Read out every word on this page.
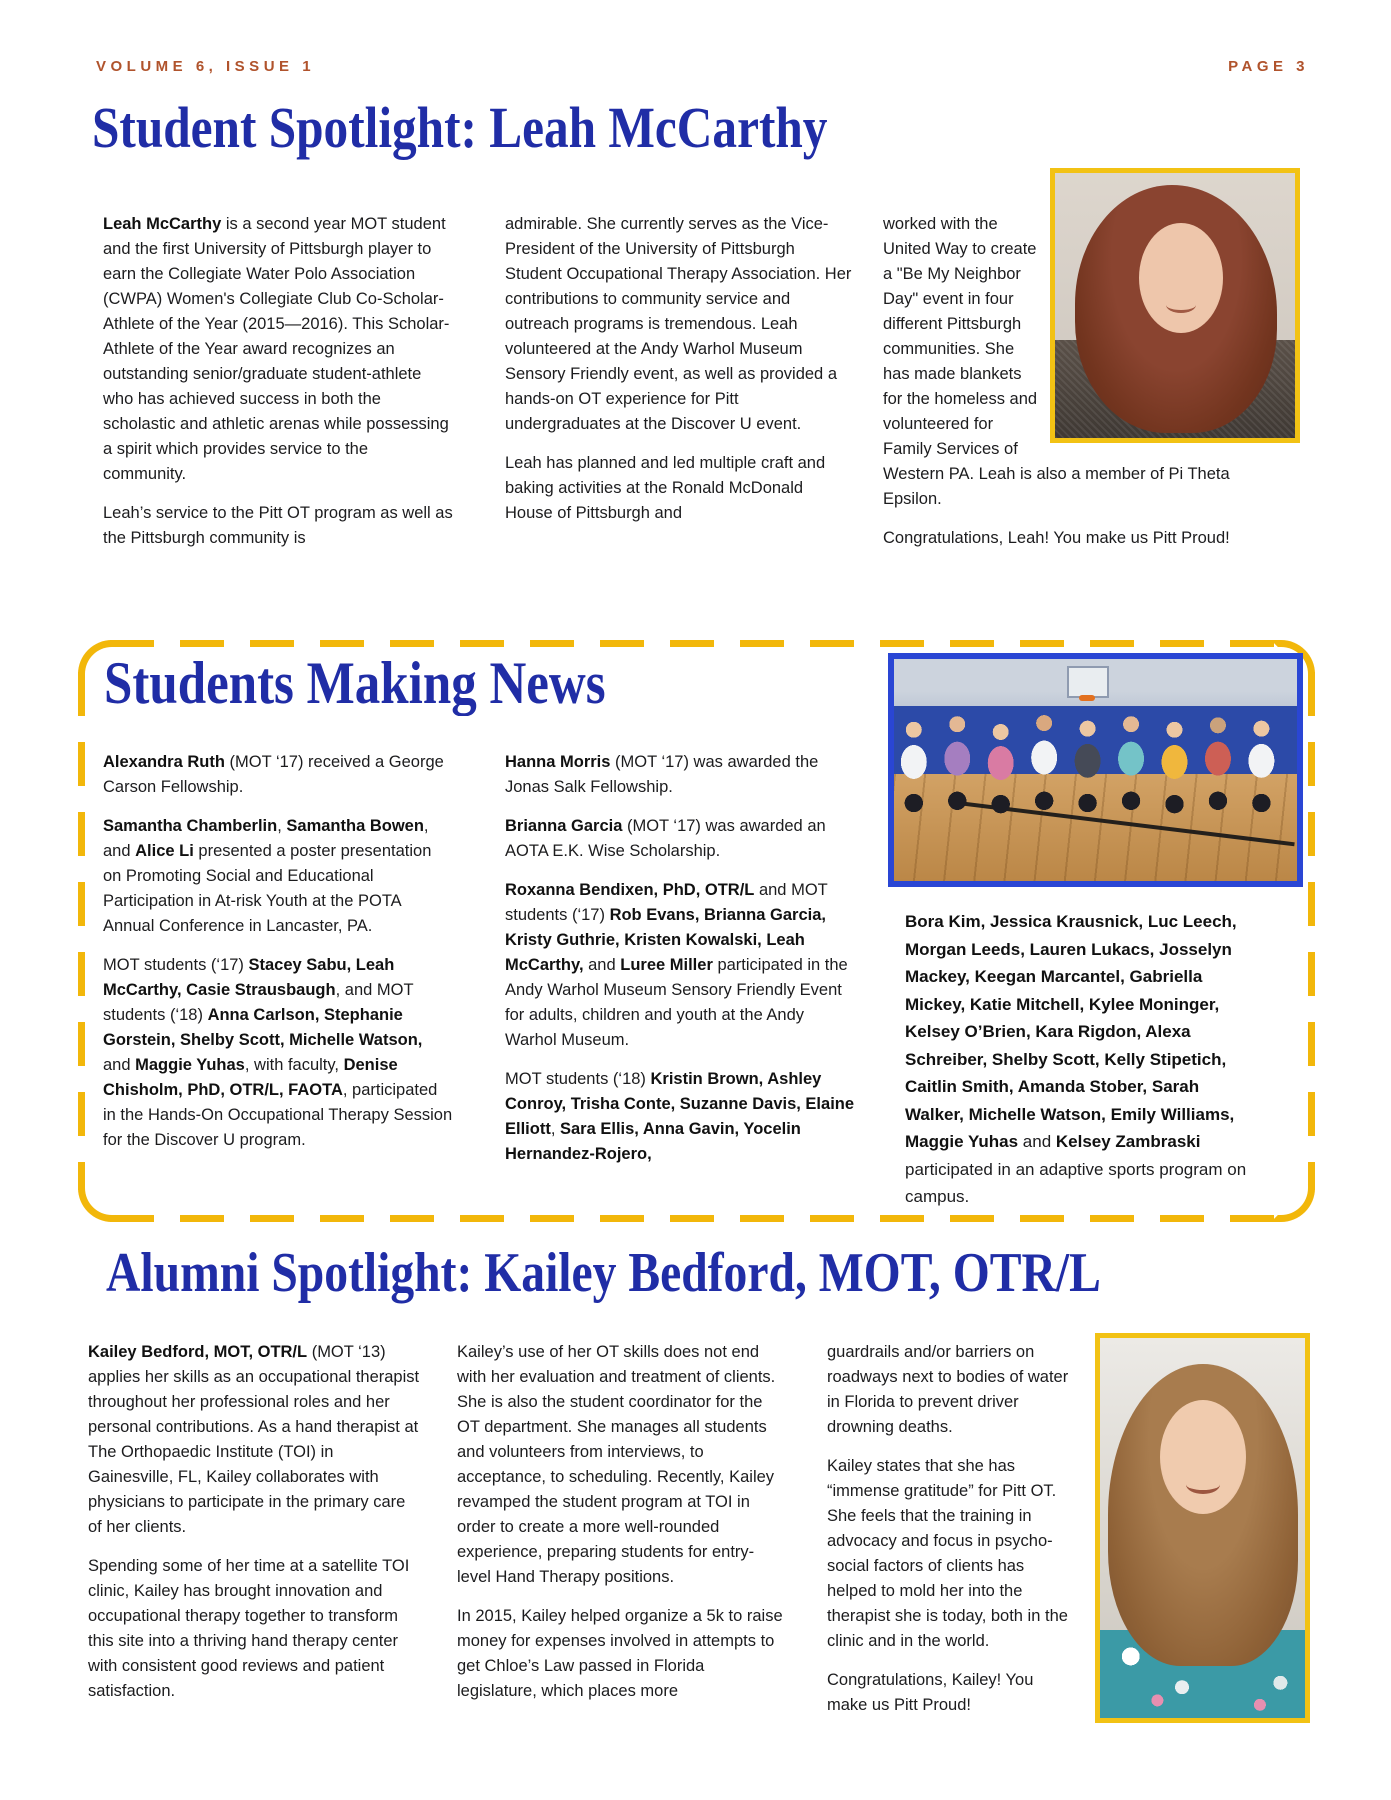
VOLUME 6, ISSUE 1	PAGE 3
Student Spotlight: Leah McCarthy

Leah McCarthy is a second year MOT student and the first University of Pittsburgh player to earn the Collegiate Water Polo Association (CWPA) Women's Collegiate Club Co-Scholar-Athlete of the Year (2015—2016). This Scholar-Athlete of the Year award recognizes an outstanding senior/graduate student-athlete who has achieved success in both the scholastic and athletic arenas while possessing a spirit which provides service to the community.

Leah’s service to the Pitt OT program as well as the Pittsburgh community is

admirable. She currently serves as the Vice-President of the University of Pittsburgh Student Occupational Therapy Association. Her contributions to community service and outreach programs is tremendous. Leah volunteered at the Andy Warhol Museum Sensory Friendly event, as well as provided a hands-on OT experience for Pitt undergraduates at the Discover U event.

Leah has planned and led multiple craft and baking activities at the Ronald McDonald House of Pittsburgh and

worked with the United Way to create a "Be My Neighbor Day" event in four different Pittsburgh communities. She has made blankets for the homeless and volunteered for Family Services of Western PA. Leah is also a member of Pi Theta Epsilon.

Congratulations, Leah! You make us Pitt Proud!

Students Making News

Alexandra Ruth (MOT ‘17) received a George Carson Fellowship.

Samantha Chamberlin, Samantha Bowen, and Alice Li presented a poster presentation on Promoting Social and Educational Participation in At-risk Youth at the POTA Annual Conference in Lancaster, PA.

MOT students (‘17) Stacey Sabu, Leah McCarthy, Casie Strausbaugh, and MOT students (‘18) Anna Carlson, Stephanie Gorstein, Shelby Scott, Michelle Watson, and Maggie Yuhas, with faculty, Denise Chisholm, PhD, OTR/L, FAOTA, participated in the Hands-On Occupational Therapy Session for the Discover U program.

Hanna Morris (MOT ‘17) was awarded the Jonas Salk Fellowship.

Brianna Garcia (MOT ‘17) was awarded an AOTA E.K. Wise Scholarship.

Roxanna Bendixen, PhD, OTR/L and MOT students (‘17) Rob Evans, Brianna Garcia, Kristy Guthrie, Kristen Kowalski, Leah McCarthy, and Luree Miller participated in the Andy Warhol Museum Sensory Friendly Event for adults, children and youth at the Andy Warhol Museum.

MOT students (‘18) Kristin Brown, Ashley Conroy, Trisha Conte, Suzanne Davis, Elaine Elliott, Sara Ellis, Anna Gavin, Yocelin Hernandez-Rojero,

Bora Kim, Jessica Krausnick, Luc Leech, Morgan Leeds, Lauren Lukacs, Josselyn Mackey, Keegan Marcantel, Gabriella Mickey, Katie Mitchell, Kylee Moninger, Kelsey O’Brien, Kara Rigdon, Alexa Schreiber, Shelby Scott, Kelly Stipetich, Caitlin Smith, Amanda Stober, Sarah Walker, Michelle Watson, Emily Williams, Maggie Yuhas and Kelsey Zambraski participated in an adaptive sports program on campus.
Alumni Spotlight: Kailey Bedford, MOT, OTR/L

Kailey Bedford, MOT, OTR/L (MOT ‘13) applies her skills as an occupational therapist throughout her professional roles and her personal contributions. As a hand therapist at The Orthopaedic Institute (TOI) in Gainesville, FL, Kailey collaborates with physicians to participate in the primary care of her clients.

Spending some of her time at a satellite TOI clinic, Kailey has brought innovation and occupational therapy together to transform this site into a thriving hand therapy center with consistent good reviews and patient satisfaction.

Kailey’s use of her OT skills does not end with her evaluation and treatment of clients. She is also the student coordinator for the OT department. She manages all students and volunteers from interviews, to acceptance, to scheduling. Recently, Kailey revamped the student program at TOI in order to create a more well-rounded experience, preparing students for entry-level Hand Therapy positions.

In 2015, Kailey helped organize a 5k to raise money for expenses involved in attempts to get Chloe’s Law passed in Florida legislature, which places more

guardrails and/or barriers on roadways next to bodies of water in Florida to prevent driver drowning deaths.

Kailey states that she has “immense gratitude” for Pitt OT. She feels that the training in advocacy and focus in psycho-social factors of clients has helped to mold her into the therapist she is today, both in the clinic and in the world.

Congratulations, Kailey! You make us Pitt Proud!
